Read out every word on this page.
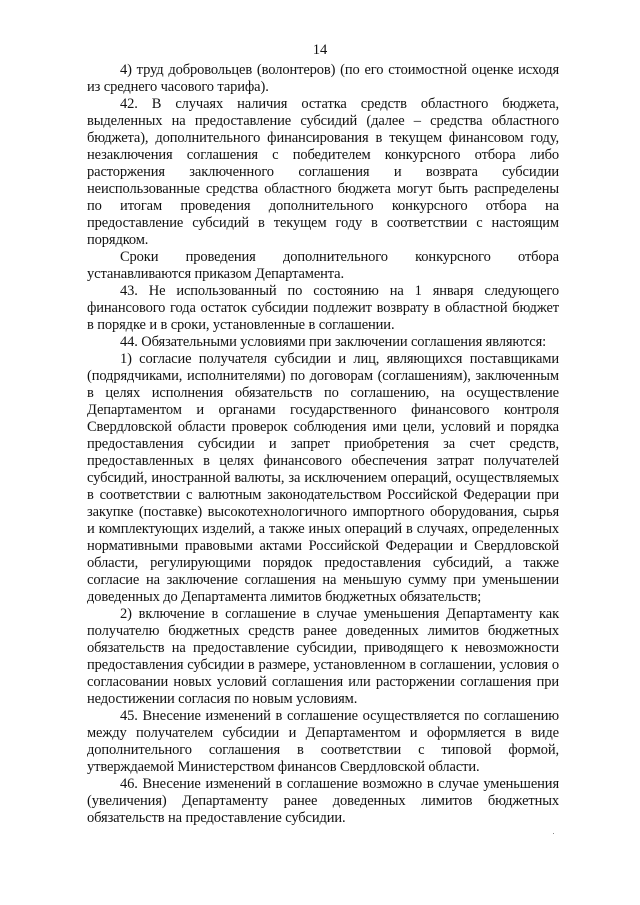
14

4) труд добровольцев (волонтеров) (по его стоимостной оценке исходя из среднего часового тарифа).

42. В случаях наличия остатка средств областного бюджета, выделенных на предоставление субсидий (далее – средства областного бюджета), дополнительного финансирования в текущем финансовом году, незаключения соглашения с победителем конкурсного отбора либо расторжения заключенного соглашения и возврата субсидии неиспользованные средства областного бюджета могут быть распределены по итогам проведения дополнительного конкурсного отбора на предоставление субсидий в текущем году в соответствии с настоящим порядком.

Сроки проведения дополнительного конкурсного отбора устанавливаются приказом Департамента.

43. Не использованный по состоянию на 1 января следующего финансового года остаток субсидии подлежит возврату в областной бюджет в порядке и в сроки, установленные в соглашении.

44. Обязательными условиями при заключении соглашения являются:

1) согласие получателя субсидии и лиц, являющихся поставщиками (подрядчиками, исполнителями) по договорам (соглашениям), заключенным в целях исполнения обязательств по соглашению, на осуществление Департаментом и органами государственного финансового контроля Свердловской области проверок соблюдения ими цели, условий и порядка предоставления субсидии и запрет приобретения за счет средств, предоставленных в целях финансового обеспечения затрат получателей субсидий, иностранной валюты, за исключением операций, осуществляемых в соответствии с валютным законодательством Российской Федерации при закупке (поставке) высокотехнологичного импортного оборудования, сырья и комплектующих изделий, а также иных операций в случаях, определенных нормативными правовыми актами Российской Федерации и Свердловской области, регулирующими порядок предоставления субсидий, а также согласие на заключение соглашения на меньшую сумму при уменьшении доведенных до Департамента лимитов бюджетных обязательств;

2) включение в соглашение в случае уменьшения Департаменту как получателю бюджетных средств ранее доведенных лимитов бюджетных обязательств на предоставление субсидии, приводящего к невозможности предоставления субсидии в размере, установленном в соглашении, условия о согласовании новых условий соглашения или расторжении соглашения при недостижении согласия по новым условиям.

45. Внесение изменений в соглашение осуществляется по соглашению между получателем субсидии и Департаментом и оформляется в виде дополнительного соглашения в соответствии с типовой формой, утверждаемой Министерством финансов Свердловской области.

46. Внесение изменений в соглашение возможно в случае уменьшения (увеличения) Департаменту ранее доведенных лимитов бюджетных обязательств на предоставление субсидии.
